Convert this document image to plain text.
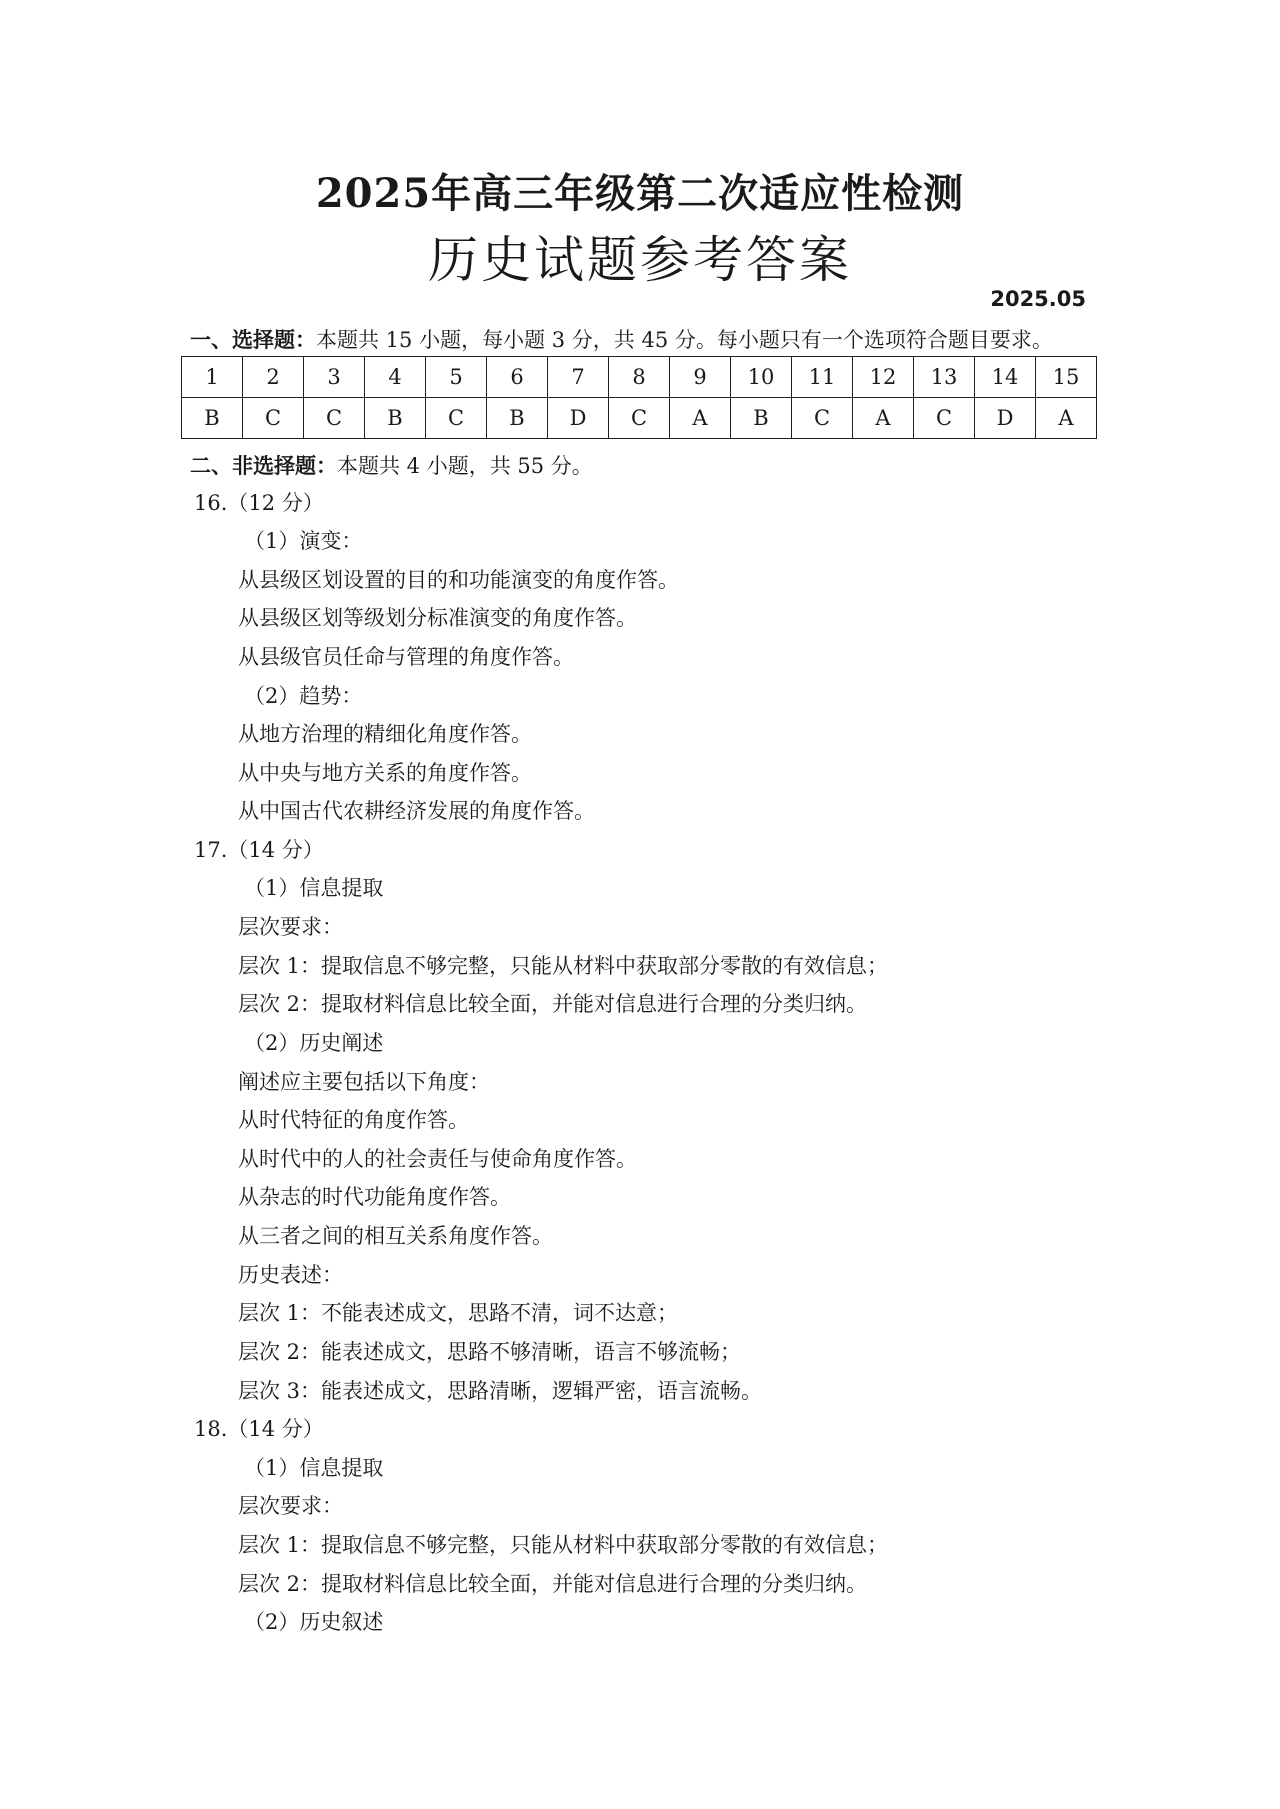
2025年高三年级第二次适应性检测
历史试题参考答案
2025.05
一、选择题：本题共 15 小题，每小题 3 分，共 45 分。每小题只有一个选项符合题目要求。
1	2	3	4	5	6	7	8	9	10	11	12	13	14	15
B	C	C	B	C	B	D	C	A	B	C	A	C	D	A
二、非选择题：本题共 4 小题，共 55 分。
16.（12 分）
（1）演变：
从县级区划设置的目的和功能演变的角度作答。
从县级区划等级划分标准演变的角度作答。
从县级官员任命与管理的角度作答。
（2）趋势：
从地方治理的精细化角度作答。
从中央与地方关系的角度作答。
从中国古代农耕经济发展的角度作答。
17.（14 分）
（1）信息提取
层次要求：
层次 1：提取信息不够完整，只能从材料中获取部分零散的有效信息；
层次 2：提取材料信息比较全面，并能对信息进行合理的分类归纳。
（2）历史阐述
阐述应主要包括以下角度：
从时代特征的角度作答。
从时代中的人的社会责任与使命角度作答。
从杂志的时代功能角度作答。
从三者之间的相互关系角度作答。
历史表述：
层次 1：不能表述成文，思路不清，词不达意；
层次 2：能表述成文，思路不够清晰，语言不够流畅；
层次 3：能表述成文，思路清晰，逻辑严密，语言流畅。
18.（14 分）
（1）信息提取
层次要求：
层次 1：提取信息不够完整，只能从材料中获取部分零散的有效信息；
层次 2：提取材料信息比较全面，并能对信息进行合理的分类归纳。
（2）历史叙述
